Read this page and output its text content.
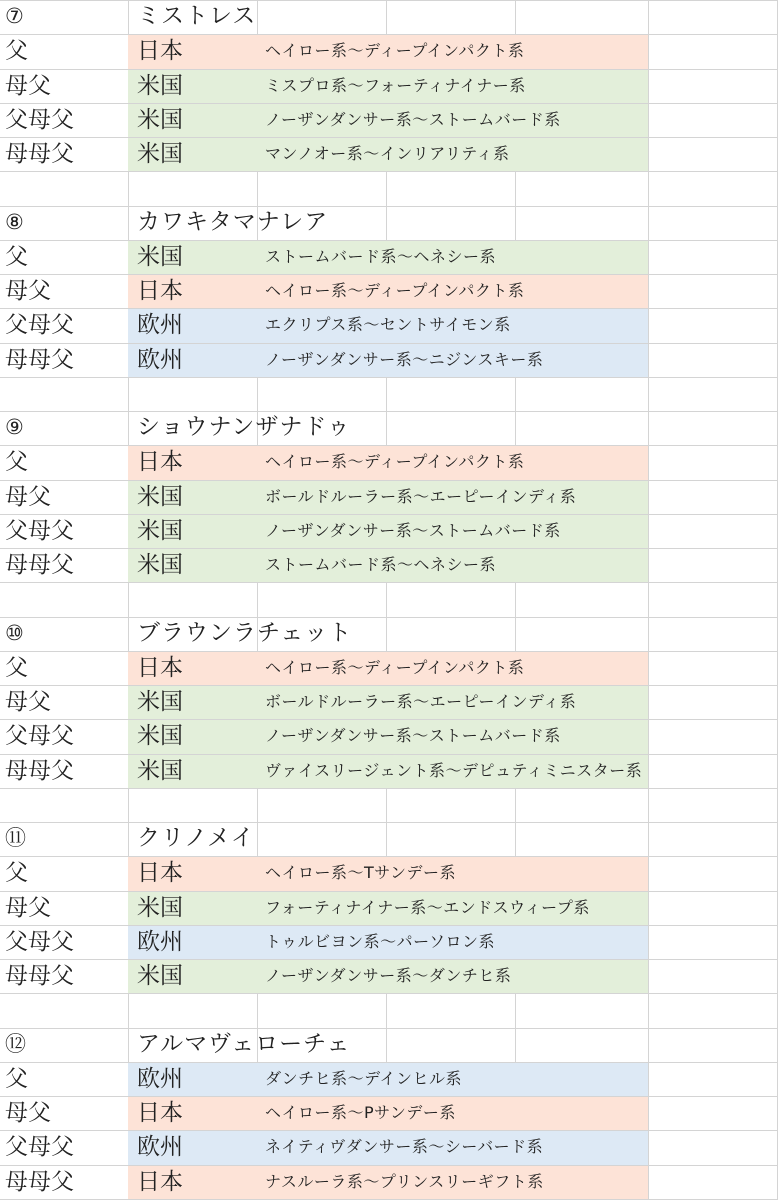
⑦	ミストレス
父	日本	ヘイロー系〜ディープインパクト系
母父	米国	ミスプロ系〜フォーティナイナー系
父母父	米国	ノーザンダンサー系〜ストームバード系
母母父	米国	マンノオー系〜インリアリティ系
⑧	カワキタマナレア
父	米国	ストームバード系〜ヘネシー系
母父	日本	ヘイロー系〜ディープインパクト系
父母父	欧州	エクリプス系〜セントサイモン系
母母父	欧州	ノーザンダンサー系〜ニジンスキー系
⑨	ショウナンザナドゥ
父	日本	ヘイロー系〜ディープインパクト系
母父	米国	ボールドルーラー系〜エーピーインディ系
父母父	米国	ノーザンダンサー系〜ストームバード系
母母父	米国	ストームバード系〜ヘネシー系
⑩	ブラウンラチェット
父	日本	ヘイロー系〜ディープインパクト系
母父	米国	ボールドルーラー系〜エーピーインディ系
父母父	米国	ノーザンダンサー系〜ストームバード系
母母父	米国	ヴァイスリージェント系〜デピュティミニスター系
⑪	クリノメイ
父	日本	ヘイロー系〜Tサンデー系
母父	米国	フォーティナイナー系〜エンドスウィープ系
父母父	欧州	トゥルビヨン系〜パーソロン系
母母父	米国	ノーザンダンサー系〜ダンチヒ系
⑫	アルマヴェローチェ
父	欧州	ダンチヒ系〜デインヒル系
母父	日本	ヘイロー系〜Pサンデー系
父母父	欧州	ネイティヴダンサー系〜シーバード系
母母父	日本	ナスルーラ系〜プリンスリーギフト系
